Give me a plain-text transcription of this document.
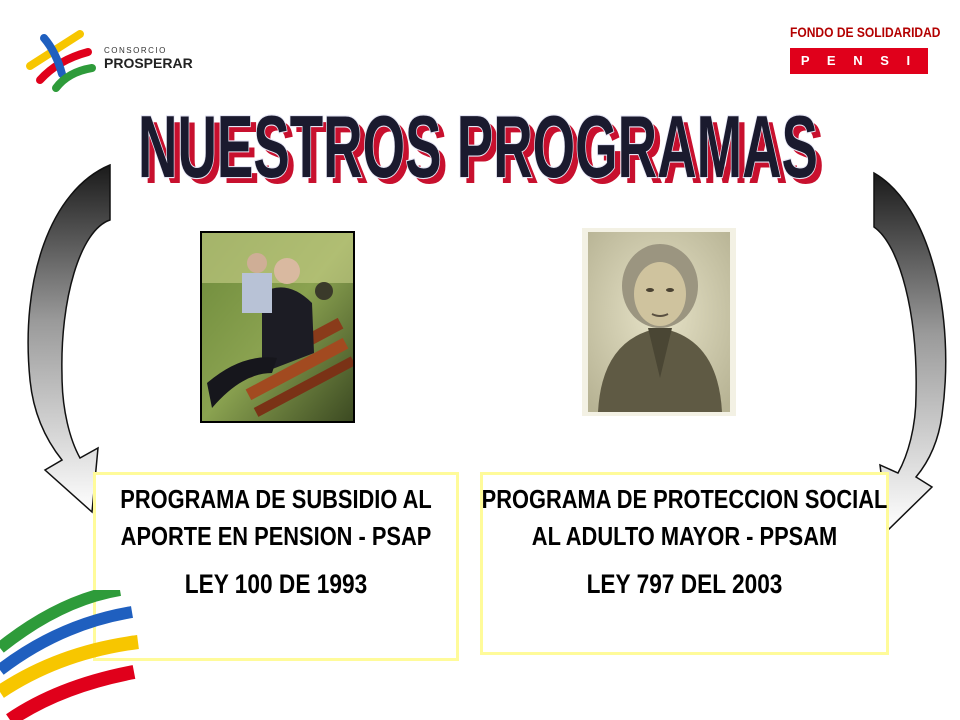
CONSORCIO
PROSPERAR
FONDO DE SOLIDARIDAD
P E N S I O N A L
NUESTROS PROGRAMAS
NUESTROS PROGRAMAS
PROGRAMA DE SUBSIDIO AL APORTE EN PENSION - PSAP
LEY 100 DE 1993
PROGRAMA DE PROTECCION SOCIAL AL ADULTO MAYOR - PPSAM
LEY 797 DEL 2003
